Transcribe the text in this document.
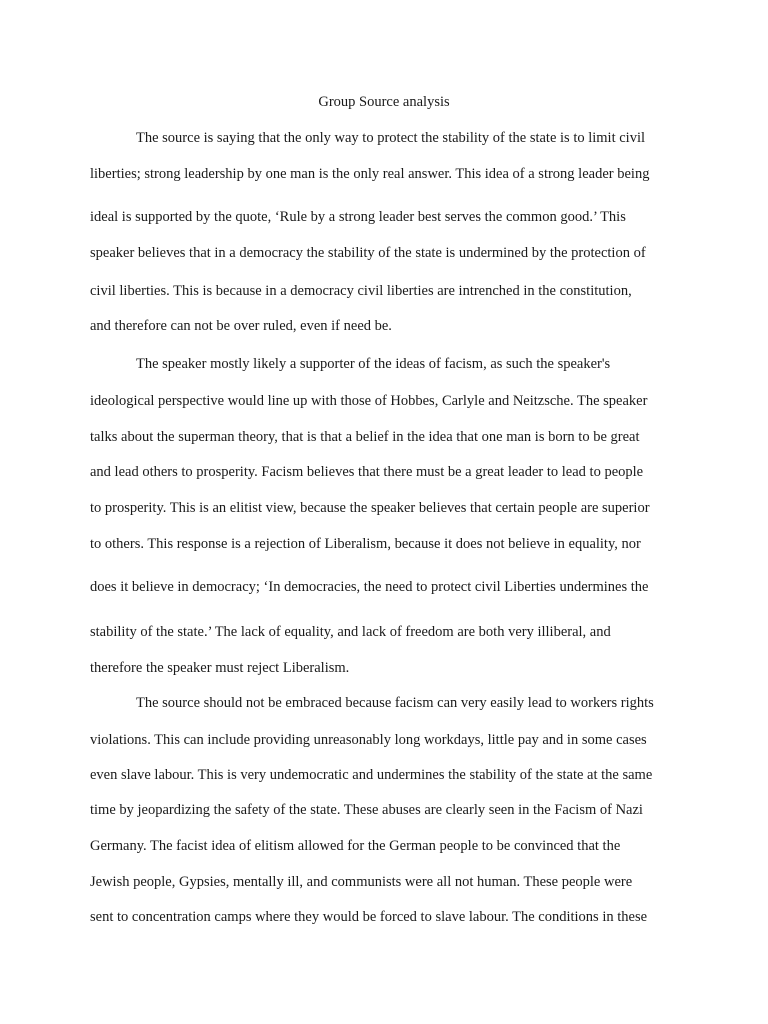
Group Source analysis

The source is saying that the only way to protect the stability of the state is to limit civil

liberties; strong leadership by one man is the only real answer. This idea of a strong leader being

ideal is supported by the quote, ‘Rule by a strong leader best serves the common good.’ This

speaker believes that in a democracy the stability of the state is undermined by the protection of

civil liberties. This is because in a democracy civil liberties are intrenched in the constitution,

and therefore can not be over ruled, even if need be.

The speaker mostly likely a supporter of the ideas of facism, as such the speaker's

ideological perspective would line up with those of Hobbes, Carlyle and Neitzsche. The speaker

talks about the superman theory, that is that a belief in the idea that one man is born to be great

and lead others to prosperity. Facism believes that there must be a great leader to lead to people

to prosperity. This is an elitist view, because the speaker believes that certain people are superior

to others. This response is a rejection of Liberalism, because it does not believe in equality, nor

does it believe in democracy; ‘In democracies, the need to protect civil Liberties undermines the

stability of the state.’ The lack of equality, and lack of freedom are both very illiberal, and

therefore the speaker must reject Liberalism.

The source should not be embraced because facism can very easily lead to workers rights

violations. This can include providing unreasonably long workdays, little pay and in some cases

even slave labour. This is very undemocratic and undermines the stability of the state at the same

time by jeopardizing the safety of the state. These abuses are clearly seen in the Facism of Nazi

Germany. The facist idea of elitism allowed for the German people to be convinced that the

Jewish people, Gypsies, mentally ill, and communists were all not human. These people were

sent to concentration camps where they would be forced to slave labour. The conditions in these
